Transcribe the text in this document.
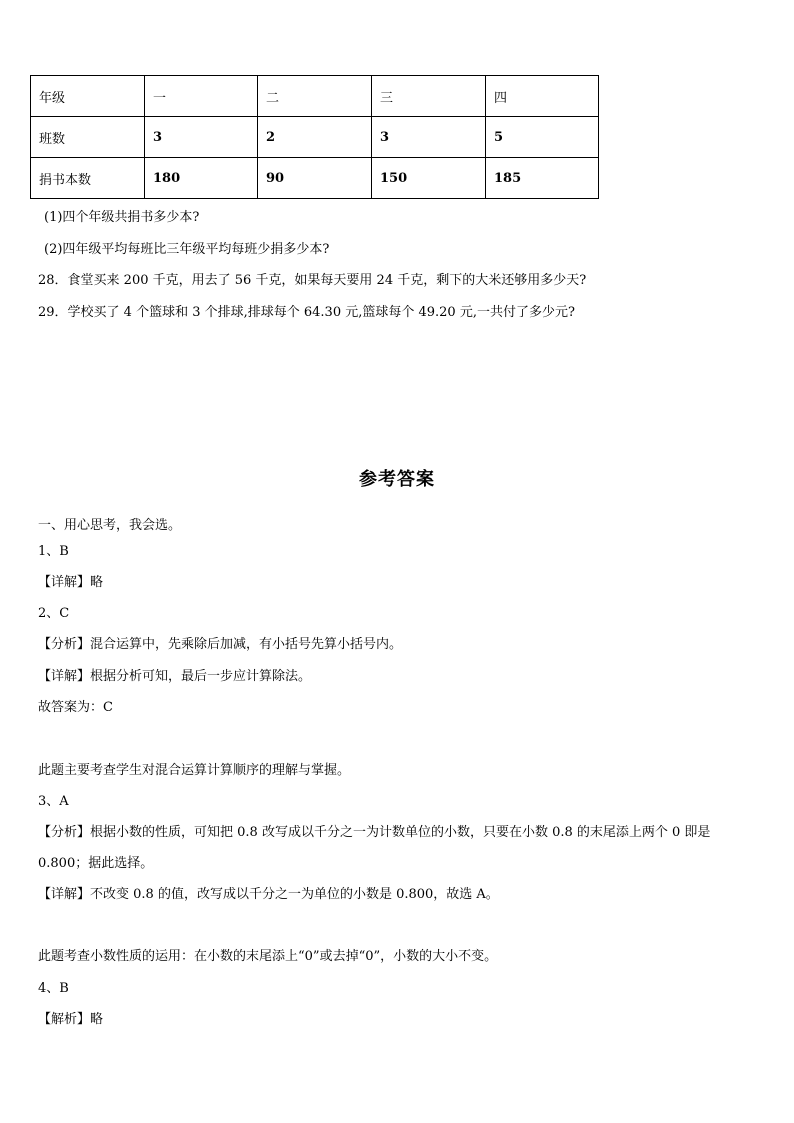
年级	一	二	三	四
班数	3	2	3	5
捐书本数	180	90	150	185
(1)四个年级共捐书多少本?
(2)四年级平均每班比三年级平均每班少捐多少本?
28．食堂买来 200 千克，用去了 56 千克，如果每天要用 24 千克，剩下的大米还够用多少天?
29．学校买了 4 个篮球和 3 个排球,排球每个 64.30 元,篮球每个 49.20 元,一共付了多少元?
参考答案
一、用心思考，我会选。
1、B
【详解】略
2、C
【分析】混合运算中，先乘除后加减，有小括号先算小括号内。
【详解】根据分析可知，最后一步应计算除法。
故答案为：C
此题主要考查学生对混合运算计算顺序的理解与掌握。
3、A
【分析】根据小数的性质，可知把 0.8 改写成以千分之一为计数单位的小数，只要在小数 0.8 的末尾添上两个 0 即是
0.800；据此选择。
【详解】不改变 0.8 的值，改写成以千分之一为单位的小数是 0.800，故选 A。
此题考查小数性质的运用：在小数的末尾添上“0”或去掉“0”，小数的大小不变。
4、B
【解析】略
